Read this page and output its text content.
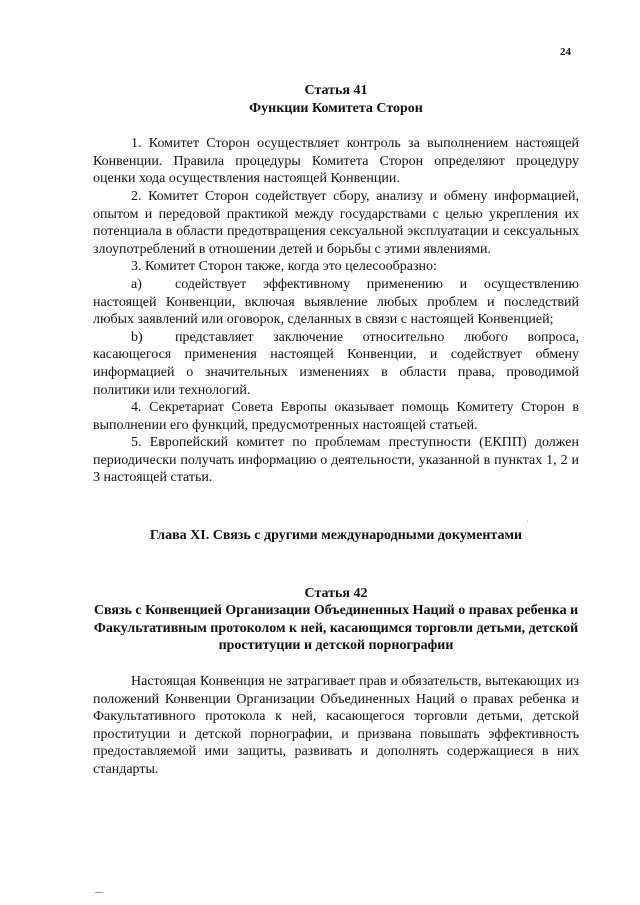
24

Статья 41

Функции Комитета Сторон

1. Комитет Сторон осуществляет контроль за выполнением настоящей Конвенции. Правила процедуры Комитета Сторон определяют процедуру оценки хода осуществления настоящей Конвенции.

2. Комитет Сторон содействует сбору, анализу и обмену информацией, опытом и передовой практикой между государствами с целью укрепления их потенциала в области предотвращения сексуальной эксплуатации и сексуальных злоупотреблений в отношении детей и борьбы с этими явлениями.

3. Комитет Сторон также, когда это целесообразно:

a) содействует эффективному применению и осуществлению настоящей Конвенции, включая выявление любых проблем и последствий любых заявлений или оговорок, сделанных в связи с настоящей Конвенцией;

b) представляет заключение относительно любого вопроса, касающегося применения настоящей Конвенции, и содействует обмену информацией о значительных изменениях в области права, проводимой политики или технологий.

4. Секретариат Совета Европы оказывает помощь Комитету Сторон в выполнении его функций, предусмотренных настоящей статьей.

5. Европейский комитет по проблемам преступности (ЕКПП) должен периодически получать информацию о деятельности, указанной в пунктах 1, 2 и 3 настоящей статьи.

Глава XI. Связь с другими международными документами

Статья 42

Связь с Конвенцией Организации Объединенных Наций о правах ребенка и Факультативным протоколом к ней, касающимся торговли детьми, детской проституции и детской порнографии

Настоящая Конвенция не затрагивает прав и обязательств, вытекающих из положений Конвенции Организации Объединенных Наций о правах ребенка и Факультативного протокола к ней, касающегося торговли детьми, детской проституции и детской порнографии, и призвана повышать эффективность предоставляемой ими защиты, развивать и дополнять содержащиеся в них стандарты.
